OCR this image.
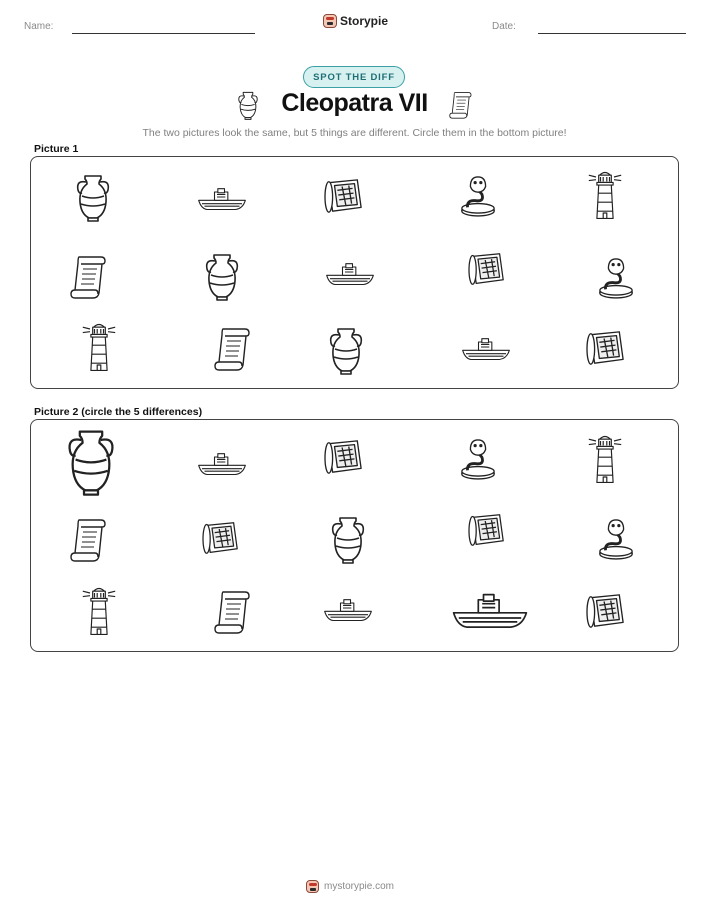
Name:	Storypie	Date:
SPOT THE DIFF
Cleopatra VII
The two pictures look the same, but 5 things are different. Circle them in the bottom picture!
Picture 1
Picture 2 (circle the 5 differences)
mystorypie.com
